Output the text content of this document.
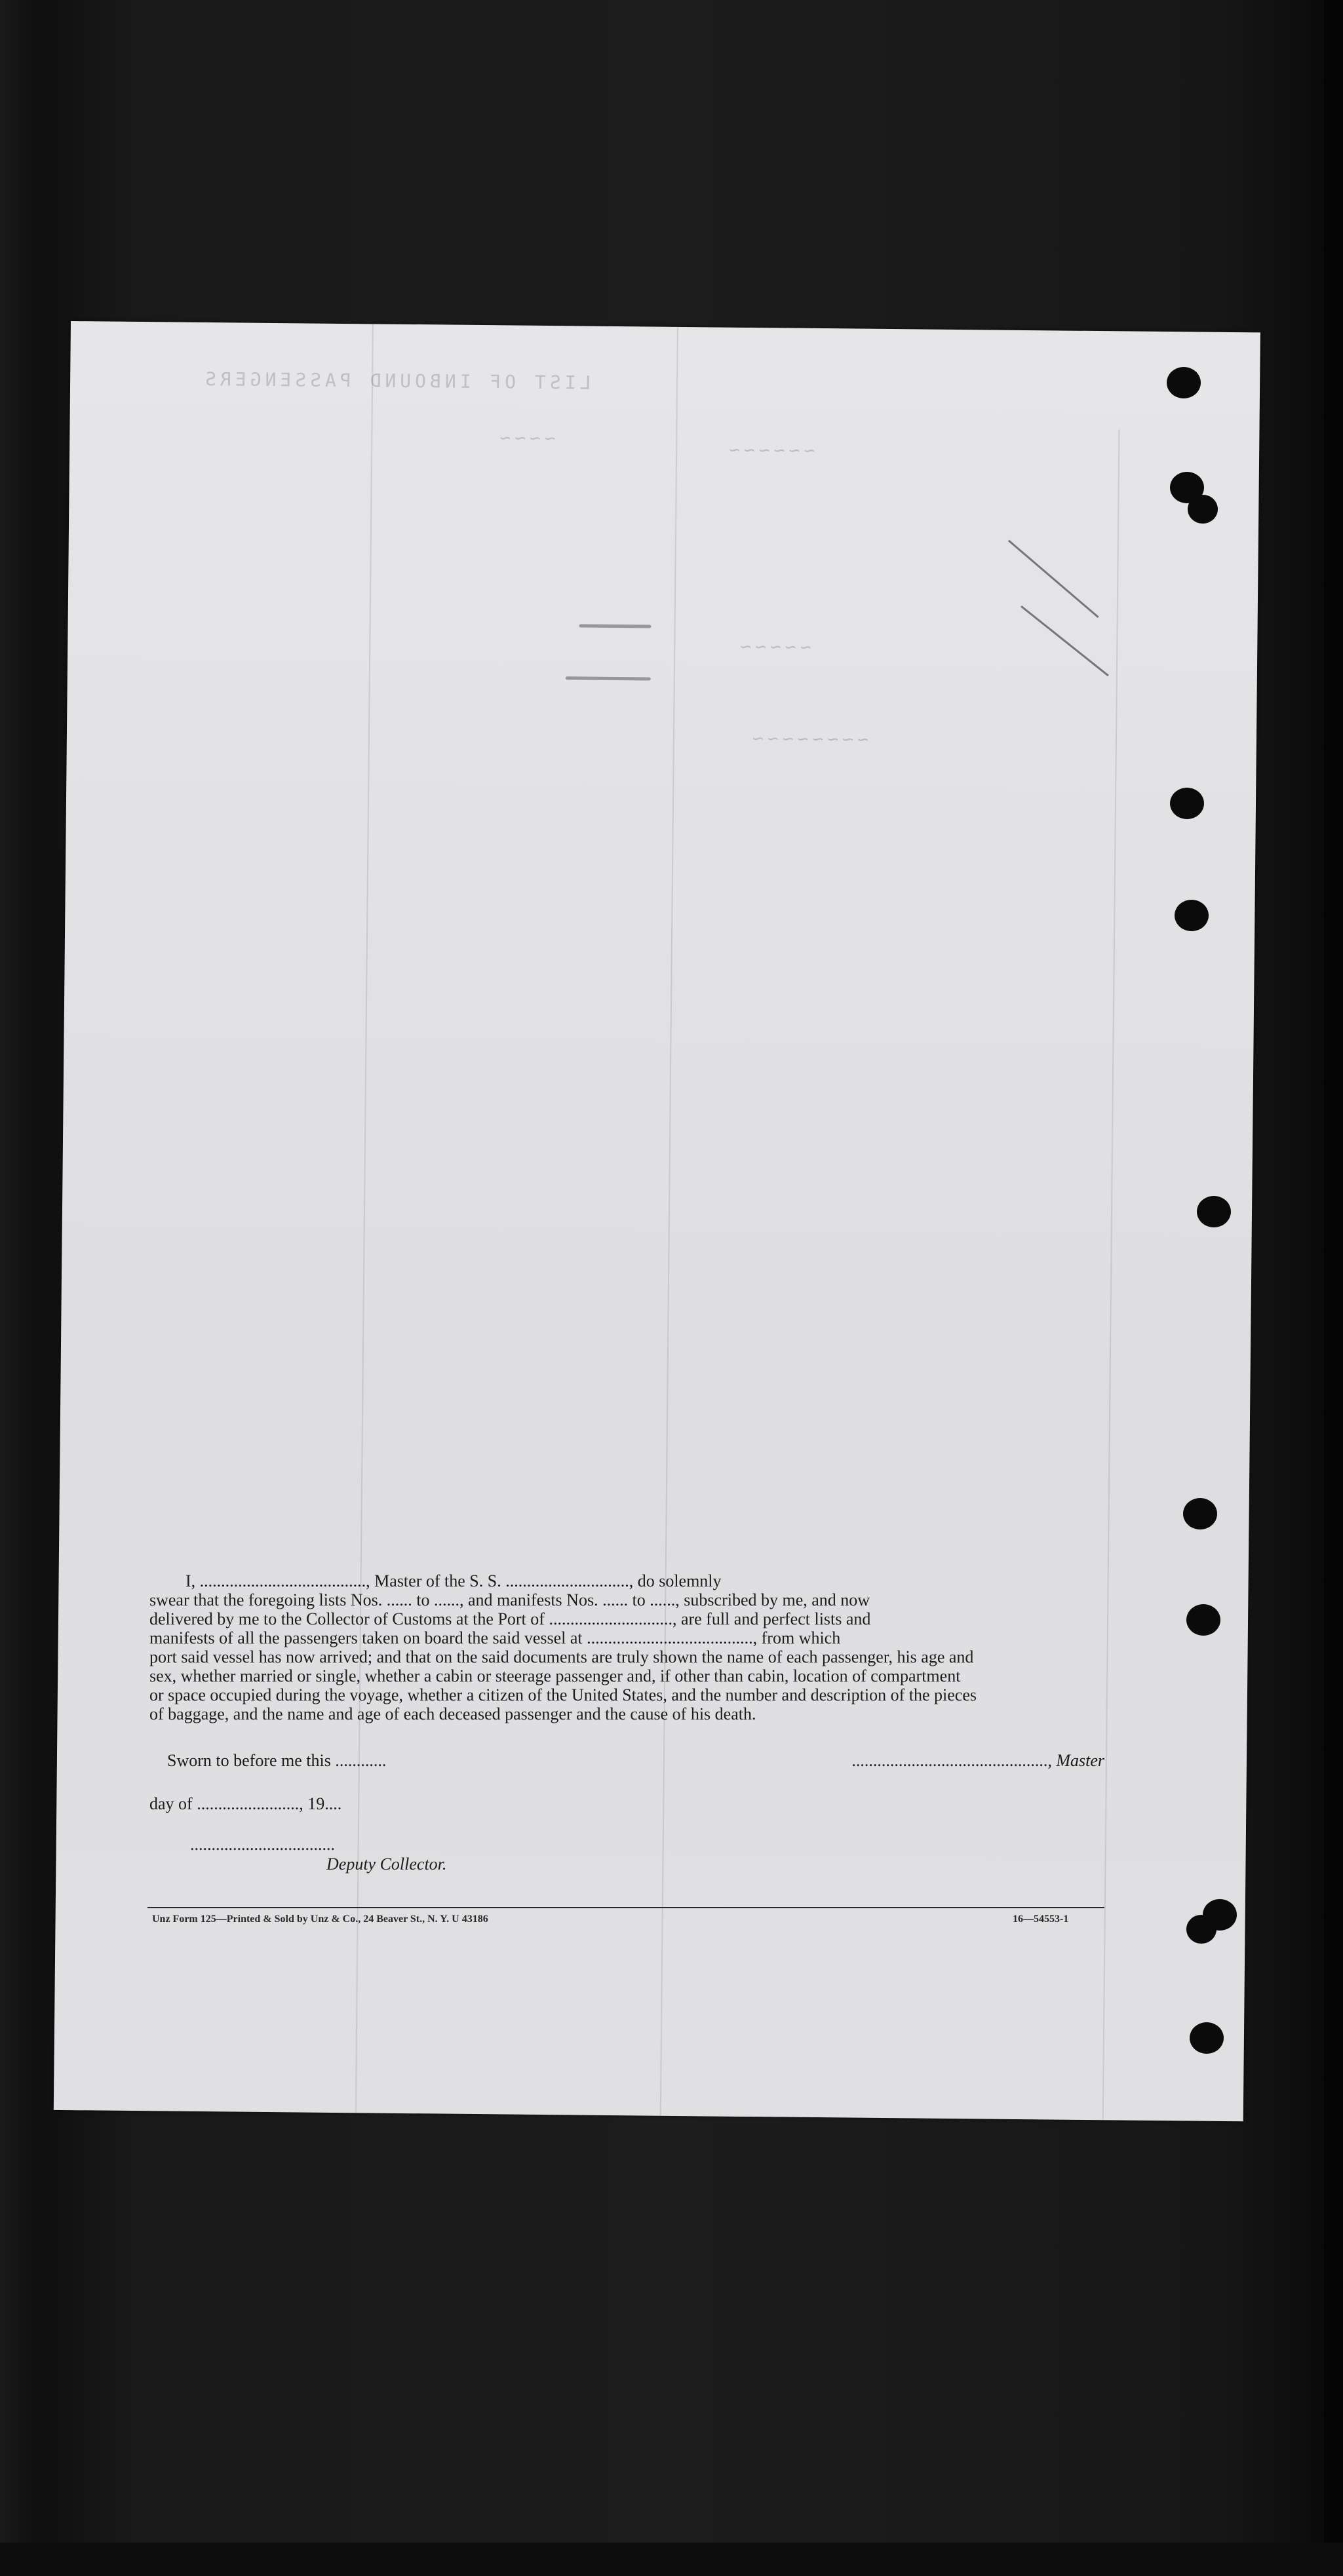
LIST OF INBOUND PASSENGERS
~~~~
~~~~~~
~~~~~
~~~~~~~~

I, ......................................., Master of the S. S. ............................., do solemnly

swear that the foregoing lists Nos. ...... to ......, and manifests Nos. ...... to ......, subscribed by me, and now

delivered by me to the Collector of Customs at the Port of ............................., are full and perfect lists and

manifests of all the passengers taken on board the said vessel at ......................................., from which

port said vessel has now arrived; and that on the said documents are truly shown the name of each passenger, his age and

sex, whether married or single, whether a cabin or steerage passenger and, if other than cabin, location of compartment

or space occupied during the voyage, whether a citizen of the United States, and the number and description of the pieces

of baggage, and the name and age of each deceased passenger and the cause of his death.

Sworn to before me this ............	.............................................., Master
day of ........................, 19....
..................................
Deputy Collector.
Unz Form 125—Printed & Sold by Unz & Co., 24 Beaver St., N. Y. U 43186	16—54553-1
